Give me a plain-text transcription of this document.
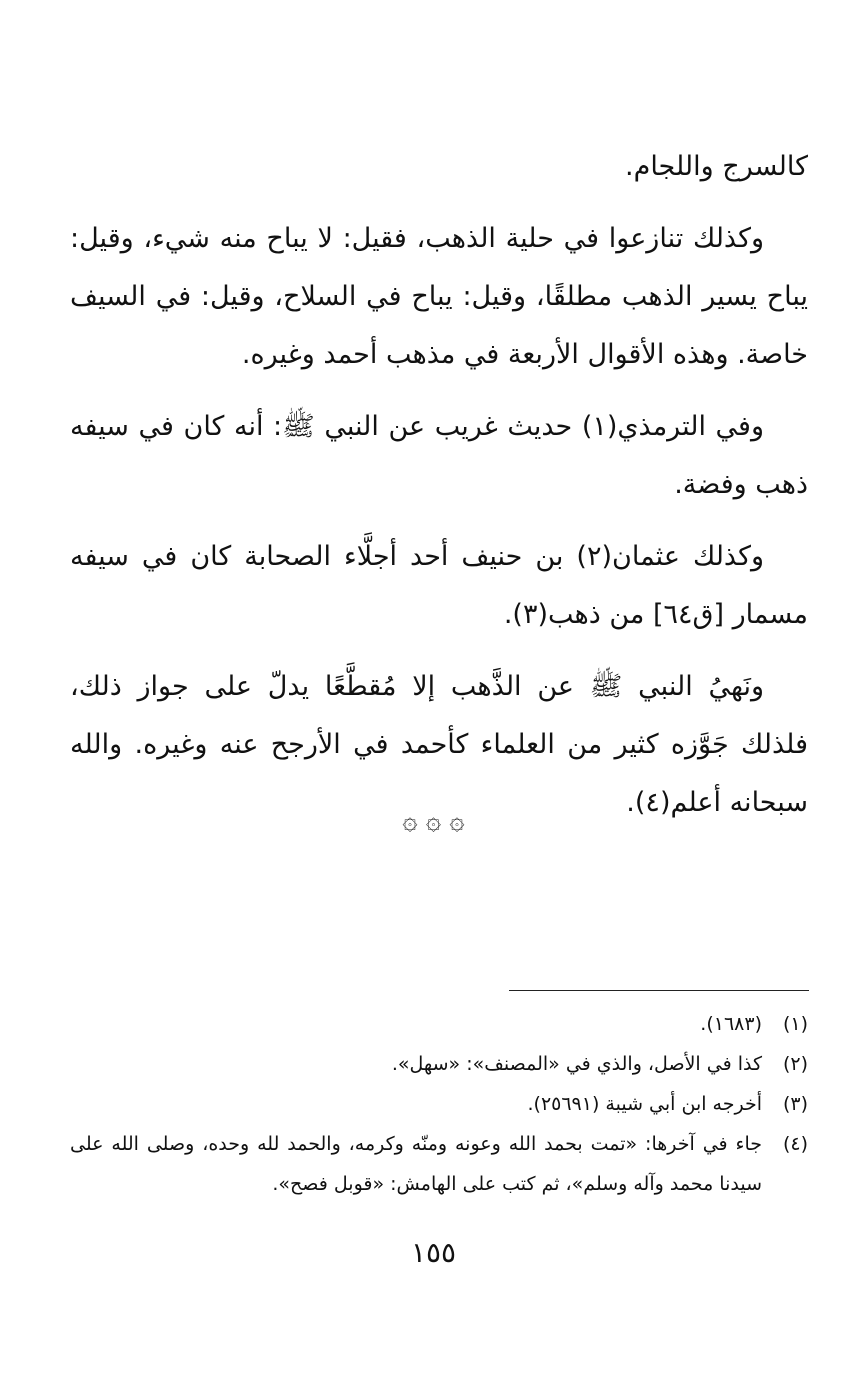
كالسرج واللجام.

وكذلك تنازعوا في حلية الذهب، فقيل: لا يباح منه شيء، وقيل: يباح يسير الذهب مطلقًا، وقيل: يباح في السلاح، وقيل: في السيف خاصة. وهذه الأقوال الأربعة في مذهب أحمد وغيره.

وفي الترمذي(١) حديث غريب عن النبي ﷺ: أنه كان في سيفه ذهب وفضة.

وكذلك عثمان(٢) بن حنيف أحد أجلَّاء الصحابة كان في سيفه مسمار [ق٦٤] من ذهب(٣).

ونَهيُ النبي ﷺ عن الذَّهب إلا مُقطَّعًا يدلّ على جواز ذلك، فلذلك جَوَّزه كثير من العلماء كأحمد في الأرجح عنه وغيره. والله سبحانه أعلم(٤).

۞ ۞ ۞
(١)
(١٦٨٣).
(٢)
كذا في الأصل، والذي في «المصنف»: «سهل».
(٣)
أخرجه ابن أبي شيبة (٢٥٦٩١).
(٤)
جاء في آخرها: «تمت بحمد الله وعونه ومنّه وكرمه، والحمد لله وحده، وصلى الله على سيدنا محمد وآله وسلم»، ثم كتب على الهامش: «قوبل فصح».
١٥٥
